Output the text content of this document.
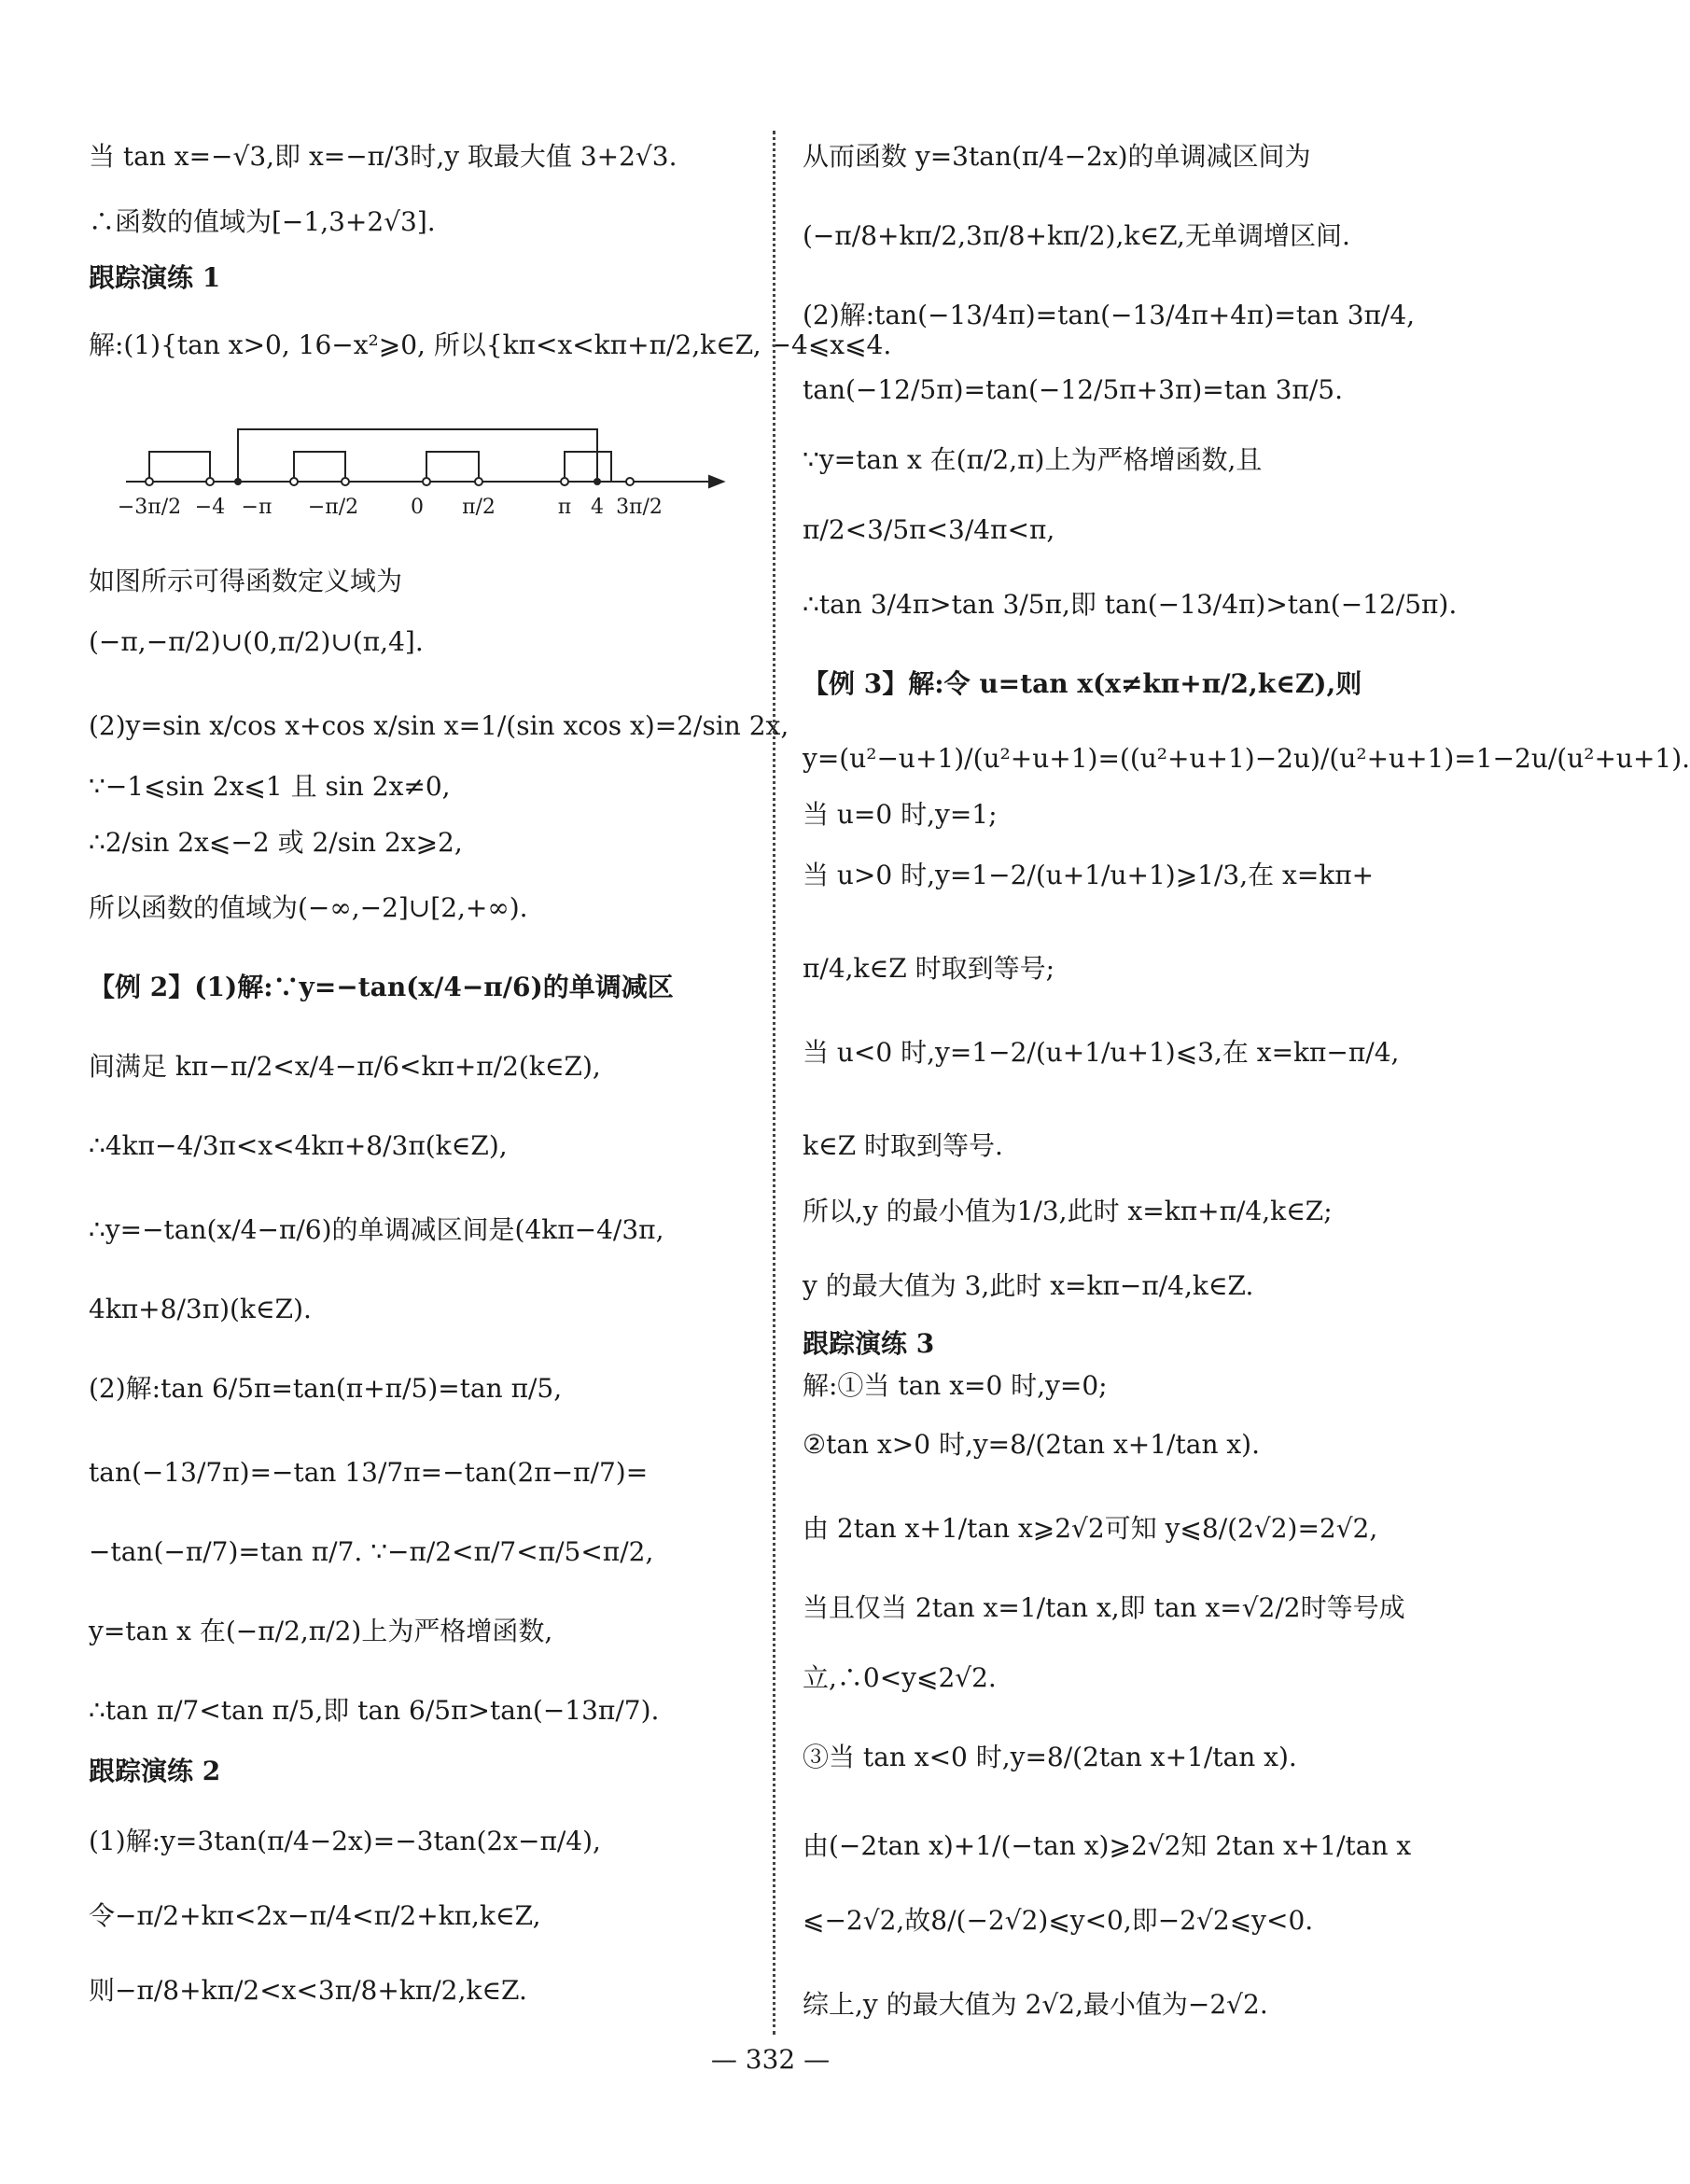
当 tan x=−√3,即 x=−π/3时,y 取最大值 3+2√3.
∴函数的值域为[−1,3+2√3].
跟踪演练 1
解:(1){tan x>0, 16−x²⩾0, 所以{kπ<x<kπ+π/2,k∈Z, −4⩽x⩽4.
−3π/2 −4 −π −π/2	0 π/2	π 4 3π/2
如图所示可得函数定义域为
(−π,−π/2)∪(0,π/2)∪(π,4].
(2)y=sin x/cos x+cos x/sin x=1/(sin xcos x)=2/sin 2x,
∵−1⩽sin 2x⩽1 且 sin 2x≠0,
∴2/sin 2x⩽−2 或 2/sin 2x⩾2,
所以函数的值域为(−∞,−2]∪[2,+∞).
【例 2】(1)解:∵y=−tan(x/4−π/6)的单调减区
间满足 kπ−π/2<x/4−π/6<kπ+π/2(k∈Z),
∴4kπ−4/3π<x<4kπ+8/3π(k∈Z),
∴y=−tan(x/4−π/6)的单调减区间是(4kπ−4/3π,
4kπ+8/3π)(k∈Z).
(2)解:tan 6/5π=tan(π+π/5)=tan π/5,
tan(−13/7π)=−tan 13/7π=−tan(2π−π/7)=
−tan(−π/7)=tan π/7. ∵−π/2<π/7<π/5<π/2,
y=tan x 在(−π/2,π/2)上为严格增函数,
∴tan π/7<tan π/5,即 tan 6/5π>tan(−13π/7).
跟踪演练 2
(1)解:y=3tan(π/4−2x)=−3tan(2x−π/4),
令−π/2+kπ<2x−π/4<π/2+kπ,k∈Z,
则−π/8+kπ/2<x<3π/8+kπ/2,k∈Z.
从而函数 y=3tan(π/4−2x)的单调减区间为
(−π/8+kπ/2,3π/8+kπ/2),k∈Z,无单调增区间.
(2)解:tan(−13/4π)=tan(−13/4π+4π)=tan 3π/4,
tan(−12/5π)=tan(−12/5π+3π)=tan 3π/5.
∵y=tan x 在(π/2,π)上为严格增函数,且
π/2<3/5π<3/4π<π,
∴tan 3/4π>tan 3/5π,即 tan(−13/4π)>tan(−12/5π).
【例 3】解:令 u=tan x(x≠kπ+π/2,k∈Z),则
y=(u²−u+1)/(u²+u+1)=((u²+u+1)−2u)/(u²+u+1)=1−2u/(u²+u+1).
当 u=0 时,y=1;
当 u>0 时,y=1−2/(u+1/u+1)⩾1/3,在 x=kπ+
π/4,k∈Z 时取到等号;
当 u<0 时,y=1−2/(u+1/u+1)⩽3,在 x=kπ−π/4,
k∈Z 时取到等号.
所以,y 的最小值为1/3,此时 x=kπ+π/4,k∈Z;
y 的最大值为 3,此时 x=kπ−π/4,k∈Z.
跟踪演练 3
解:①当 tan x=0 时,y=0;
②tan x>0 时,y=8/(2tan x+1/tan x).
由 2tan x+1/tan x⩾2√2可知 y⩽8/(2√2)=2√2,
当且仅当 2tan x=1/tan x,即 tan x=√2/2时等号成
立,∴0<y⩽2√2.
③当 tan x<0 时,y=8/(2tan x+1/tan x).
由(−2tan x)+1/(−tan x)⩾2√2知 2tan x+1/tan x
⩽−2√2,故8/(−2√2)⩽y<0,即−2√2⩽y<0.
综上,y 的最大值为 2√2,最小值为−2√2.
— 332 —
